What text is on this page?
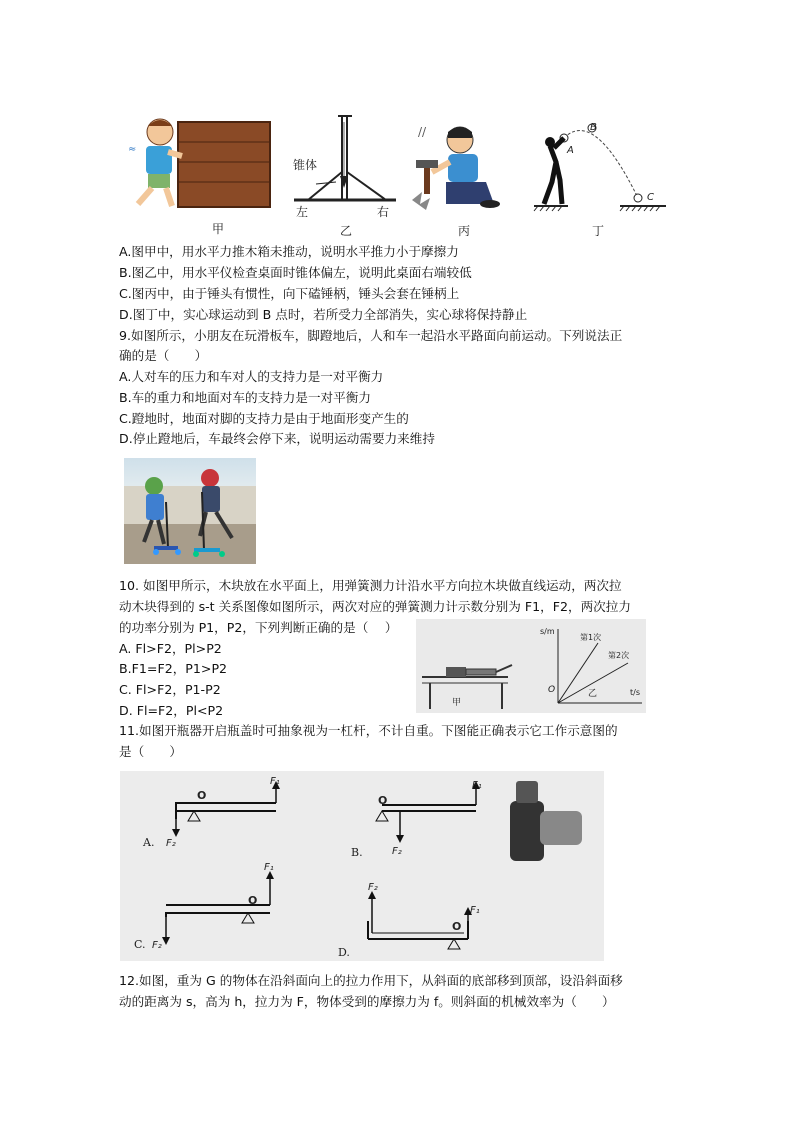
≈
甲
锥体
左	右
乙
//
丙
A
B
C
丁
A.图甲中，用水平力推木箱未推动，说明水平推力小于摩擦力
B.图乙中，用水平仪检查桌面时锥体偏左，说明此桌面右端较低
C.图丙中，由于锤头有惯性，向下磕锤柄，锤头会套在锤柄上
D.图丁中，实心球运动到 B 点时，若所受力全部消失，实心球将保持静止
9.如图所示，小朋友在玩滑板车，脚蹬地后，人和车一起沿水平路面向前运动。下列说法正
确的是（　　）
A.人对车的压力和车对人的支持力是一对平衡力
B.车的重力和地面对车的支持力是一对平衡力
C.蹬地时，地面对脚的支持力是由于地面形变产生的
D.停止蹬地后，车最终会停下来，说明运动需要力来维持
10. 如图甲所示，木块放在水平面上，用弹簧测力计沿水平方向拉木块做直线运动，两次拉
动木块得到的 s-t 关系图像如图所示，两次对应的弹簧测力计示数分别为 F1，F2，两次拉力
的功率分别为 P1，P2，下列判断正确的是（　 ）
A. Fl>F2，Pl>P2
B.F1=F2，P1>P2
C. Fl>F2，P1-P2
D. Fl=F2，Pl<P2
s/m
t/s
O
第1次
第2次
甲
乙
11.如图开瓶器开启瓶盖时可抽象视为一杠杆，不计自重。下图能正确表示它工作示意图的
是（　　）
A.
B.
C.
D.
F₁
F₂
O
F₁
F₂
O
F₁
F₂
O
F₁
F₂
O
12.如图，重为 G 的物体在沿斜面向上的拉力作用下，从斜面的底部移到顶部，设沿斜面移
动的距离为 s，高为 h，拉力为 F，物体受到的摩擦力为 f。则斜面的机械效率为（　　）
